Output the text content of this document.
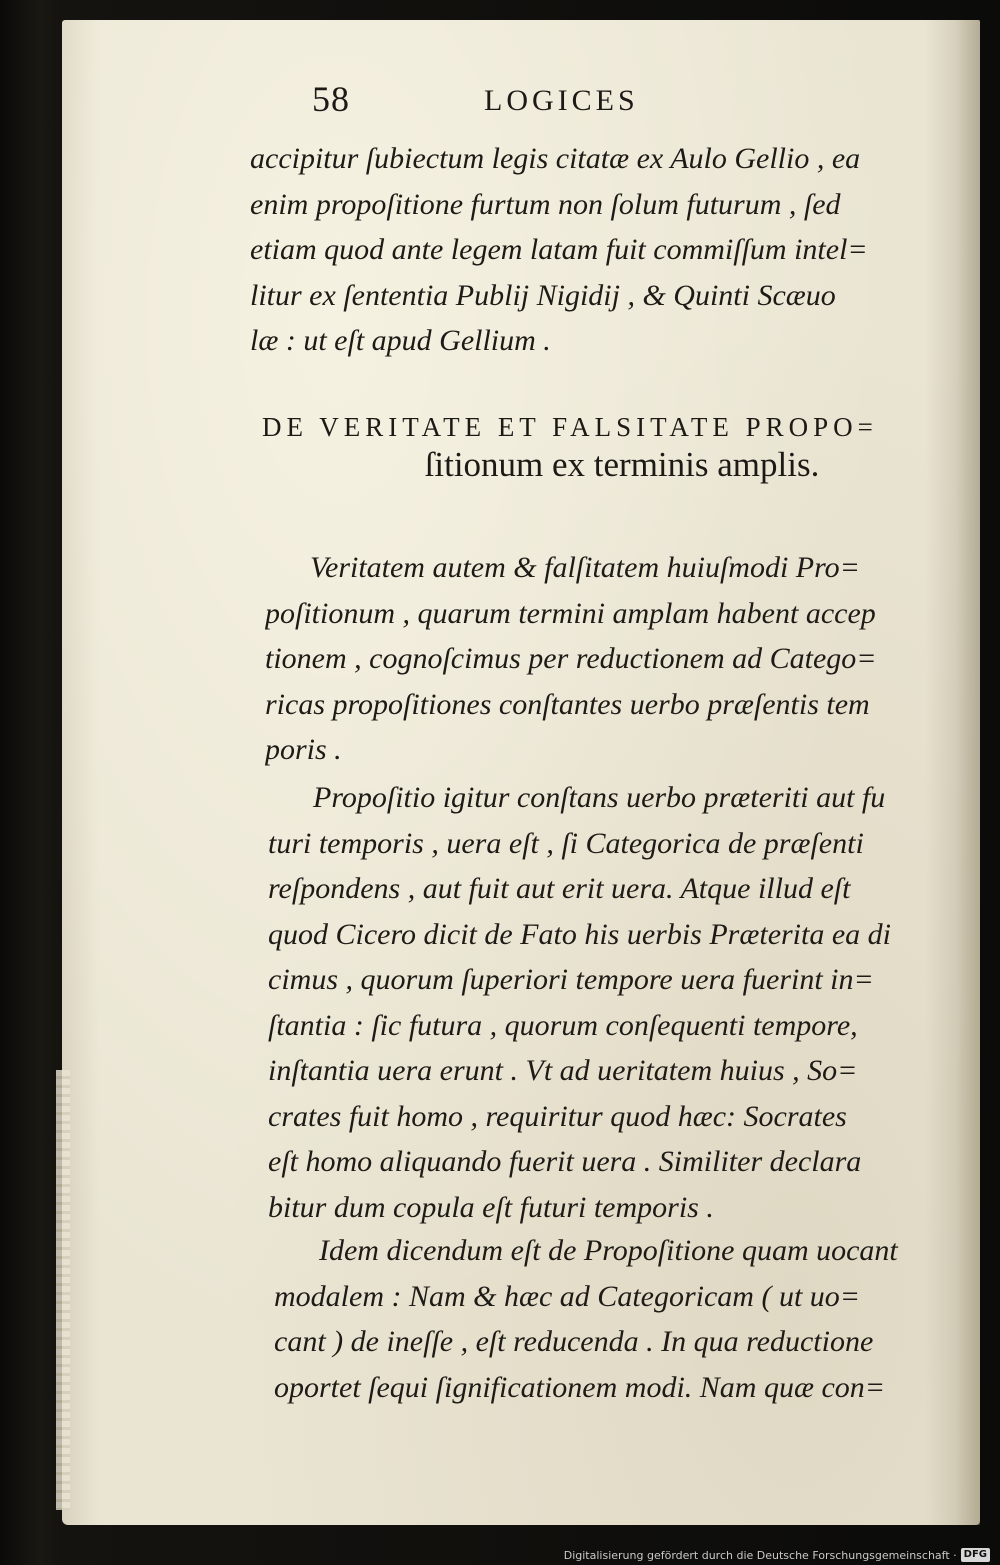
58	LOGICES
accipitur ſubiectum legis citatæ ex Aulo Gellio , ea
enim propoſitione furtum non ſolum futurum , ſed
etiam quod ante legem latam fuit commiſſum intel=
litur ex ſententia Publij Nigidij , & Quinti Scæuo
læ : ut eſt apud Gellium .
DE VERITATE ET FALSITATE PROPO=
ſitionum ex terminis amplis.
Veritatem autem & falſitatem huiuſmodi Pro=
poſitionum , quarum termini amplam habent accep
tionem , cognoſcimus per reductionem ad Catego=
ricas propoſitiones conſtantes uerbo præſentis tem
poris .
Propoſitio igitur conſtans uerbo præteriti aut fu
turi temporis , uera eſt , ſi Categorica de præſenti
reſpondens , aut fuit aut erit uera. Atque illud eſt
quod Cicero dicit de Fato his uerbis Præterita ea di
cimus , quorum ſuperiori tempore uera fuerint in=
ſtantia : ſic futura , quorum conſequenti tempore,
inſtantia uera erunt . Vt ad ueritatem huius , So=
crates fuit homo , requiritur quod hæc: Socrates
eſt homo aliquando fuerit uera . Similiter declara
bitur dum copula eſt futuri temporis .
Idem dicendum eſt de Propoſitione quam uocant
modalem : Nam & hæc ad Categoricam ( ut uo=
cant ) de ineſſe , eſt reducenda . In qua reductione
oportet ſequi ſignificationem modi. Nam quæ con=
Digitalisierung gefördert durch die Deutsche Forschungsgemeinschaft · DFG
